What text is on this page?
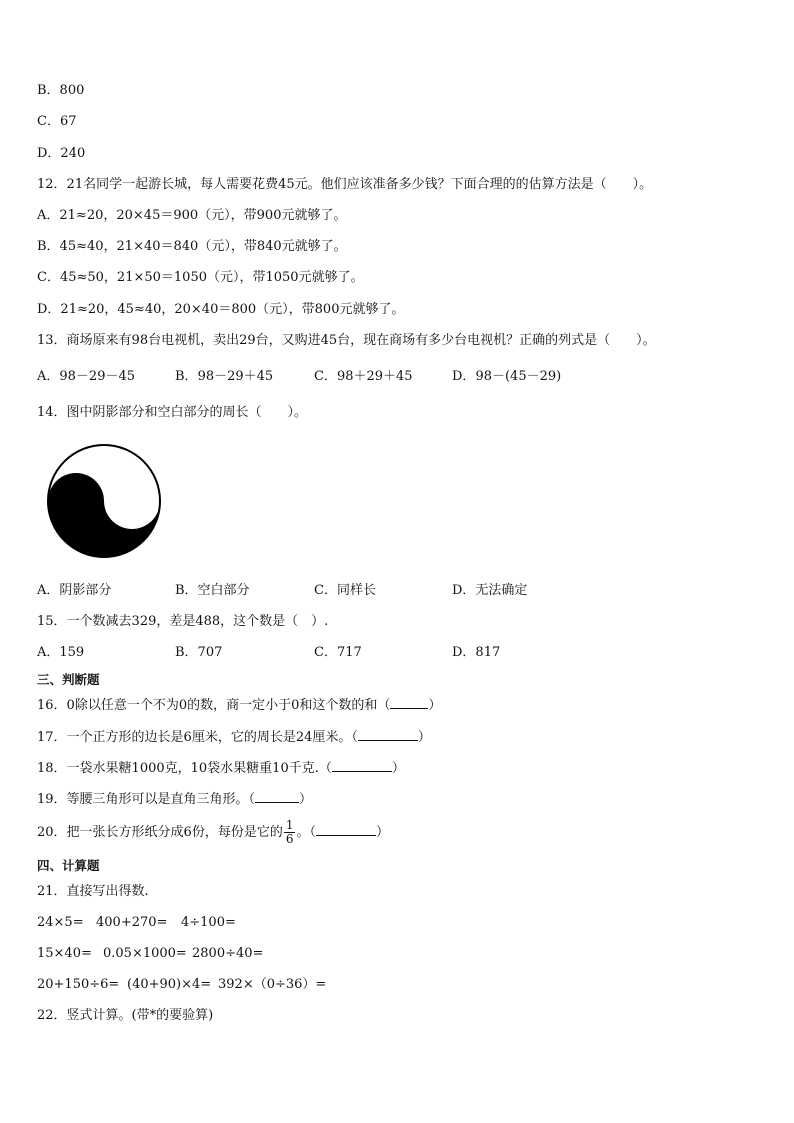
B．800
C．67
D．240
12．21名同学一起游长城，每人需要花费45元。他们应该准备多少钱？下面合理的的估算方法是（　　）。
A．21≈20，20×45＝900（元），带900元就够了。
B．45≈40，21×40＝840（元），带840元就够了。
C．45≈50，21×50＝1050（元），带1050元就够了。
D．21≈20，45≈40，20×40＝800（元），带800元就够了。
13．商场原来有98台电视机，卖出29台，又购进45台，现在商场有多少台电视机？正确的列式是（　　）。
A．98－29－45	B．98－29＋45	C．98＋29＋45	D．98－(45－29)
14．图中阴影部分和空白部分的周长（　　）。
A．阴影部分	B．空白部分	C．同样长	D．无法确定
15．一个数减去329，差是488，这个数是（　）.
A．159	B．707	C．717	D．817
三、判断题
16．0除以任意一个不为0的数，商一定小于0和这个数的和（	）
17．一个正方形的边长是6厘米，它的周长是24厘米。（	）
18．一袋水果糖1000克，10袋水果糖重10千克.（	）
19．等腰三角形可以是直角三角形。（	）
20．把一张长方形纸分成6份，每份是它的 $\frac{1}{6}$ 。（	）
四、计算题
21．直接写出得数.
24×5= 400+270= 4÷100=
15×40= 0.05×1000= 2800÷40=
20+150÷6= (40+90)×4= 392×（0÷36）=
22．竖式计算。(带*的要验算)
